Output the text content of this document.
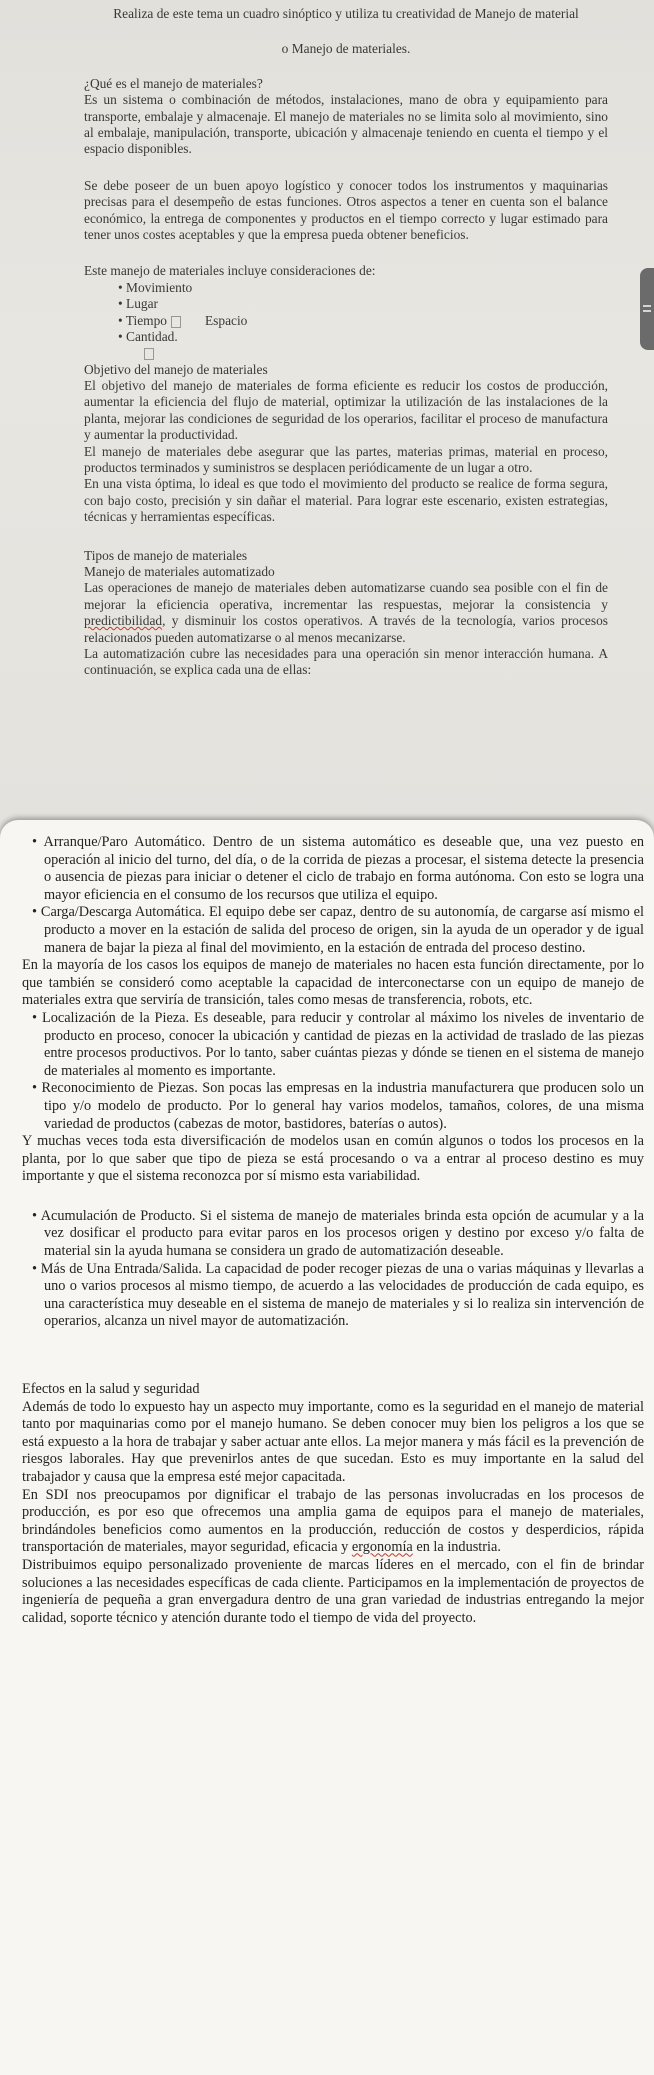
Realiza de este tema un cuadro sinóptico y utiliza tu creatividad de Manejo de material

o Manejo de materiales.

¿Qué es el manejo de materiales?

Es un sistema o combinación de métodos, instalaciones, mano de obra y equipamiento para transporte, embalaje y almacenaje. El manejo de materiales no se limita solo al movimiento, sino al embalaje, manipulación, transporte, ubicación y almacenaje teniendo en cuenta el tiempo y el espacio disponibles.

Se debe poseer de un buen apoyo logístico y conocer todos los instrumentos y maquinarias precisas para el desempeño de estas funciones. Otros aspectos a tener en cuenta son el balance económico, la entrega de componentes y productos en el tiempo correcto y lugar estimado para tener unos costes aceptables y que la empresa pueda obtener beneficios.

Este manejo de materiales incluye consideraciones de:

• Movimiento
• Lugar
• Tiempo	Espacio
• Cantidad.

Objetivo del manejo de materiales

El objetivo del manejo de materiales de forma eficiente es reducir los costos de producción, aumentar la eficiencia del flujo de material, optimizar la utilización de las instalaciones de la planta, mejorar las condiciones de seguridad de los operarios, facilitar el proceso de manufactura y aumentar la productividad.

El manejo de materiales debe asegurar que las partes, materias primas, material en proceso, productos terminados y suministros se desplacen periódicamente de un lugar a otro.

En una vista óptima, lo ideal es que todo el movimiento del producto se realice de forma segura, con bajo costo, precisión y sin dañar el material. Para lograr este escenario, existen estrategias, técnicas y herramientas específicas.

Tipos de manejo de materiales

Manejo de materiales automatizado

Las operaciones de manejo de materiales deben automatizarse cuando sea posible con el fin de mejorar la eficiencia operativa, incrementar las respuestas, mejorar la consistencia y predictibilidad, y disminuir los costos operativos. A través de la tecnología, varios procesos relacionados pueden automatizarse o al menos mecanizarse.

La automatización cubre las necesidades para una operación sin menor interacción humana. A continuación, se explica cada una de ellas:

• Arranque/Paro Automático. Dentro de un sistema automático es deseable que, una vez puesto en operación al inicio del turno, del día, o de la corrida de piezas a procesar, el sistema detecte la presencia o ausencia de piezas para iniciar o detener el ciclo de trabajo en forma autónoma. Con esto se logra una mayor eficiencia en el consumo de los recursos que utiliza el equipo.

• Carga/Descarga Automática. El equipo debe ser capaz, dentro de su autonomía, de cargarse así mismo el producto a mover en la estación de salida del proceso de origen, sin la ayuda de un operador y de igual manera de bajar la pieza al final del movimiento, en la estación de entrada del proceso destino.

En la mayoría de los casos los equipos de manejo de materiales no hacen esta función directamente, por lo que también se consideró como aceptable la capacidad de interconectarse con un equipo de manejo de materiales extra que serviría de transición, tales como mesas de transferencia, robots, etc.

• Localización de la Pieza. Es deseable, para reducir y controlar al máximo los niveles de inventario de producto en proceso, conocer la ubicación y cantidad de piezas en la actividad de traslado de las piezas entre procesos productivos. Por lo tanto, saber cuántas piezas y dónde se tienen en el sistema de manejo de materiales al momento es importante.

• Reconocimiento de Piezas. Son pocas las empresas en la industria manufacturera que producen solo un tipo y/o modelo de producto. Por lo general hay varios modelos, tamaños, colores, de una misma variedad de productos (cabezas de motor, bastidores, baterías o autos).

Y muchas veces toda esta diversificación de modelos usan en común algunos o todos los procesos en la planta, por lo que saber que tipo de pieza se está procesando o va a entrar al proceso destino es muy importante y que el sistema reconozca por sí mismo esta variabilidad.

• Acumulación de Producto. Si el sistema de manejo de materiales brinda esta opción de acumular y a la vez dosificar el producto para evitar paros en los procesos origen y destino por exceso y/o falta de material sin la ayuda humana se considera un grado de automatización deseable.

• Más de Una Entrada/Salida. La capacidad de poder recoger piezas de una o varias máquinas y llevarlas a uno o varios procesos al mismo tiempo, de acuerdo a las velocidades de producción de cada equipo, es una característica muy deseable en el sistema de manejo de materiales y si lo realiza sin intervención de operarios, alcanza un nivel mayor de automatización.

Efectos en la salud y seguridad

Además de todo lo expuesto hay un aspecto muy importante, como es la seguridad en el manejo de material tanto por maquinarias como por el manejo humano. Se deben conocer muy bien los peligros a los que se está expuesto a la hora de trabajar y saber actuar ante ellos. La mejor manera y más fácil es la prevención de riesgos laborales. Hay que prevenirlos antes de que sucedan. Esto es muy importante en la salud del trabajador y causa que la empresa esté mejor capacitada.

En SDI nos preocupamos por dignificar el trabajo de las personas involucradas en los procesos de producción, es por eso que ofrecemos una amplia gama de equipos para el manejo de materiales, brindándoles beneficios como aumentos en la producción, reducción de costos y desperdicios, rápida transportación de materiales, mayor seguridad, eficacia y ergonomía en la industria.

Distribuimos equipo personalizado proveniente de marcas líderes en el mercado, con el fin de brindar soluciones a las necesidades específicas de cada cliente. Participamos en la implementación de proyectos de ingeniería de pequeña a gran envergadura dentro de una gran variedad de industrias entregando la mejor calidad, soporte técnico y atención durante todo el tiempo de vida del proyecto.
